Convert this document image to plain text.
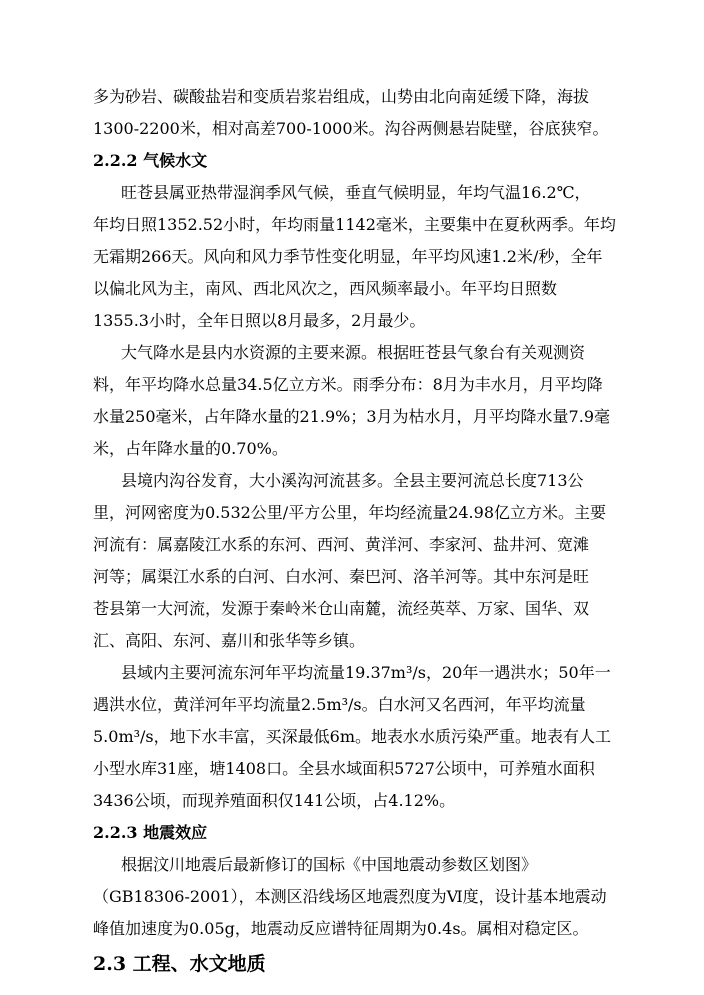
多为砂岩、碳酸盐岩和变质岩浆岩组成，山势由北向南延缓下降，海拔
1300-2200米，相对高差700-1000米。沟谷两侧悬岩陡壁，谷底狭窄。
2.2.2 气候水文
旺苍县属亚热带湿润季风气候，垂直气候明显，年均气温16.2℃，
年均日照1352.52小时，年均雨量1142毫米，主要集中在夏秋两季。年均
无霜期266天。风向和风力季节性变化明显，年平均风速1.2米/秒，全年
以偏北风为主，南风、西北风次之，西风频率最小。年平均日照数
1355.3小时，全年日照以8月最多，2月最少。
大气降水是县内水资源的主要来源。根据旺苍县气象台有关观测资
料，年平均降水总量34.5亿立方米。雨季分布：8月为丰水月，月平均降
水量250毫米，占年降水量的21.9%；3月为枯水月，月平均降水量7.9毫
米，占年降水量的0.70%。
县境内沟谷发育，大小溪沟河流甚多。全县主要河流总长度713公
里，河网密度为0.532公里/平方公里，年均经流量24.98亿立方米。主要
河流有：属嘉陵江水系的东河、西河、黄洋河、李家河、盐井河、宽滩
河等；属渠江水系的白河、白水河、秦巴河、洛羊河等。其中东河是旺
苍县第一大河流，发源于秦岭米仓山南麓，流经英萃、万家、国华、双
汇、高阳、东河、嘉川和张华等乡镇。
县域内主要河流东河年平均流量19.37m³/s，20年一遇洪水；50年一
遇洪水位，黄洋河年平均流量2.5m³/s。白水河又名西河，年平均流量
5.0m³/s，地下水丰富，买深最低6m。地表水水质污染严重。地表有人工
小型水库31座，塘1408口。全县水域面积5727公顷中，可养殖水面积
3436公顷，而现养殖面积仅141公顷，占4.12%。
2.2.3 地震效应
根据汶川地震后最新修订的国标《中国地震动参数区划图》
（GB18306-2001），本测区沿线场区地震烈度为Ⅵ度，设计基本地震动
峰值加速度为0.05g，地震动反应谱特征周期为0.4s。属相对稳定区。
2.3 工程、水文地质
